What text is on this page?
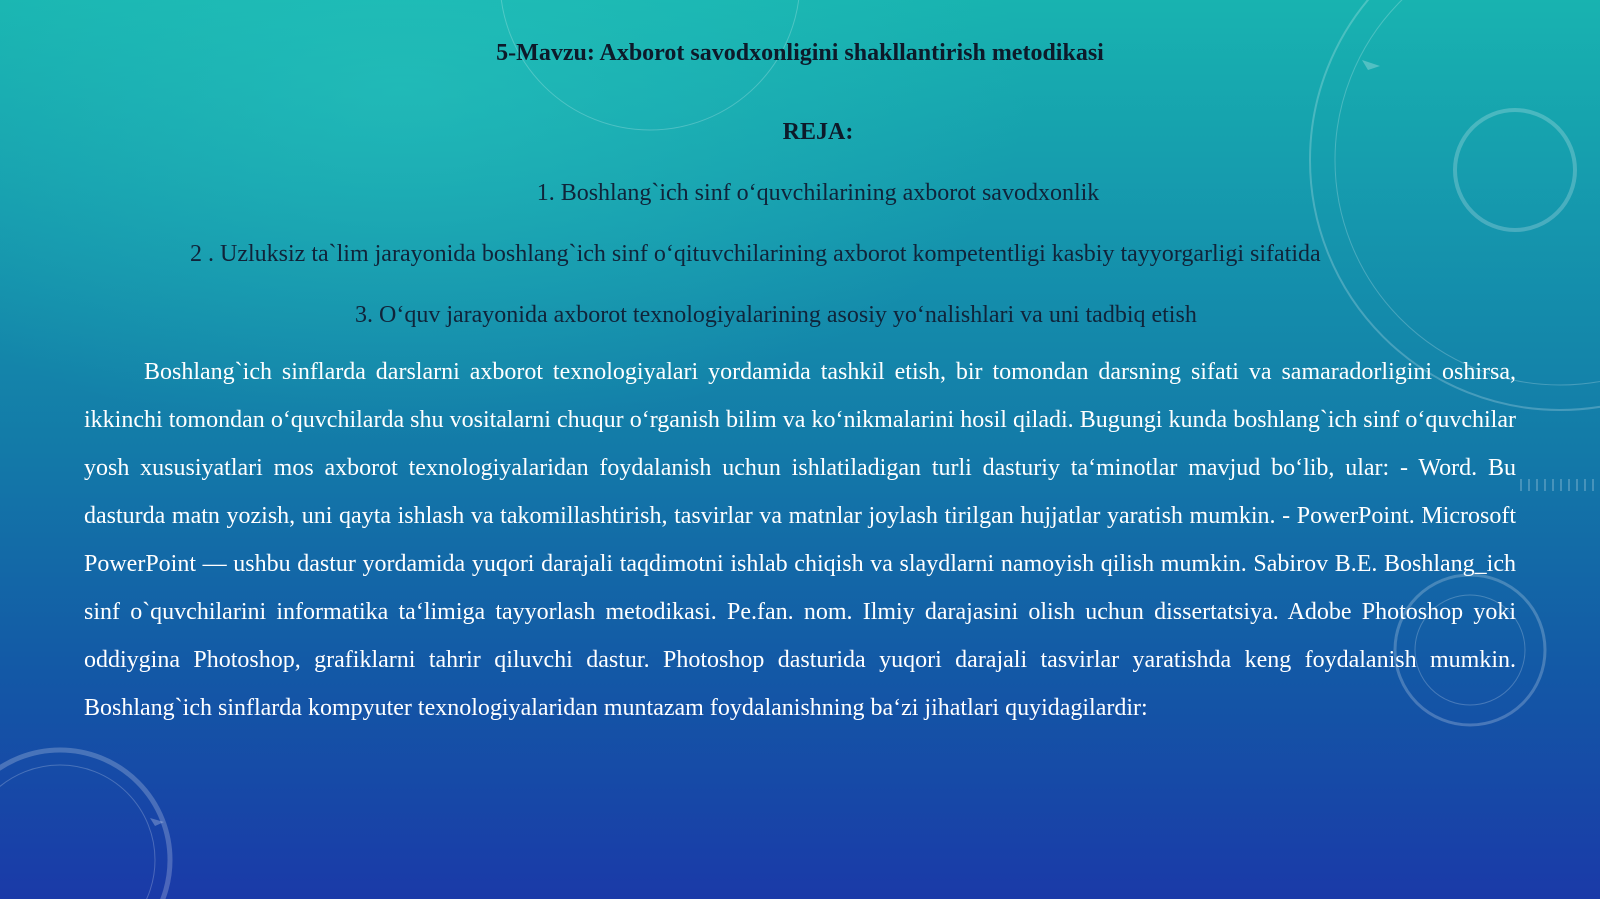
5-Mavzu: Axborot savodxonligini shakllantirish metodikasi
REJA:
1. Boshlang`ich sinf o‘quvchilarining axborot savodxonlik
2 . Uzluksiz ta`lim jarayonida boshlang`ich sinf o‘qituvchilarining axborot kompetentligi kasbiy tayyorgarligi sifatida
3. O‘quv jarayonida axborot texnologiyalarining asosiy yo‘nalishlari va uni tadbiq etish

Boshlang`ich sinflarda darslarni axborot texnologiyalari yordamida tashkil etish, bir tomondan darsning sifati va samaradorligini oshirsa, ikkinchi tomondan o‘quvchilarda shu vositalarni chuqur o‘rganish bilim va ko‘nikmalarini hosil qiladi. Bugungi kunda boshlang`ich sinf o‘quvchilar yosh xususiyatlari mos axborot texnologiyalaridan foydalanish uchun ishlatiladigan turli dasturiy ta‘minotlar mavjud bo‘lib, ular: - Word. Bu dasturda matn yozish, uni qayta ishlash va takomillashtirish, tasvirlar va matnlar joylash tirilgan hujjatlar yaratish mumkin. - PowerPoint. Microsoft PowerPoint — ushbu dastur yordamida yuqori darajali taqdimotni ishlab chiqish va slaydlarni namoyish qilish mumkin. Sabirov B.E. Boshlang_ich sinf o`quvchilarini informatika ta‘limiga tayyorlash metodikasi. Pe.fan. nom. Ilmiy darajasini olish uchun dissertatsiya. Adobe Photoshop yoki oddiygina Photoshop, grafiklarni tahrir qiluvchi dastur. Photoshop dasturida yuqori darajali tasvirlar yaratishda keng foydalanish mumkin. Boshlang`ich sinflarda kompyuter texnologiyalaridan muntazam foydalanishning ba‘zi jihatlari quyidagilardir:
